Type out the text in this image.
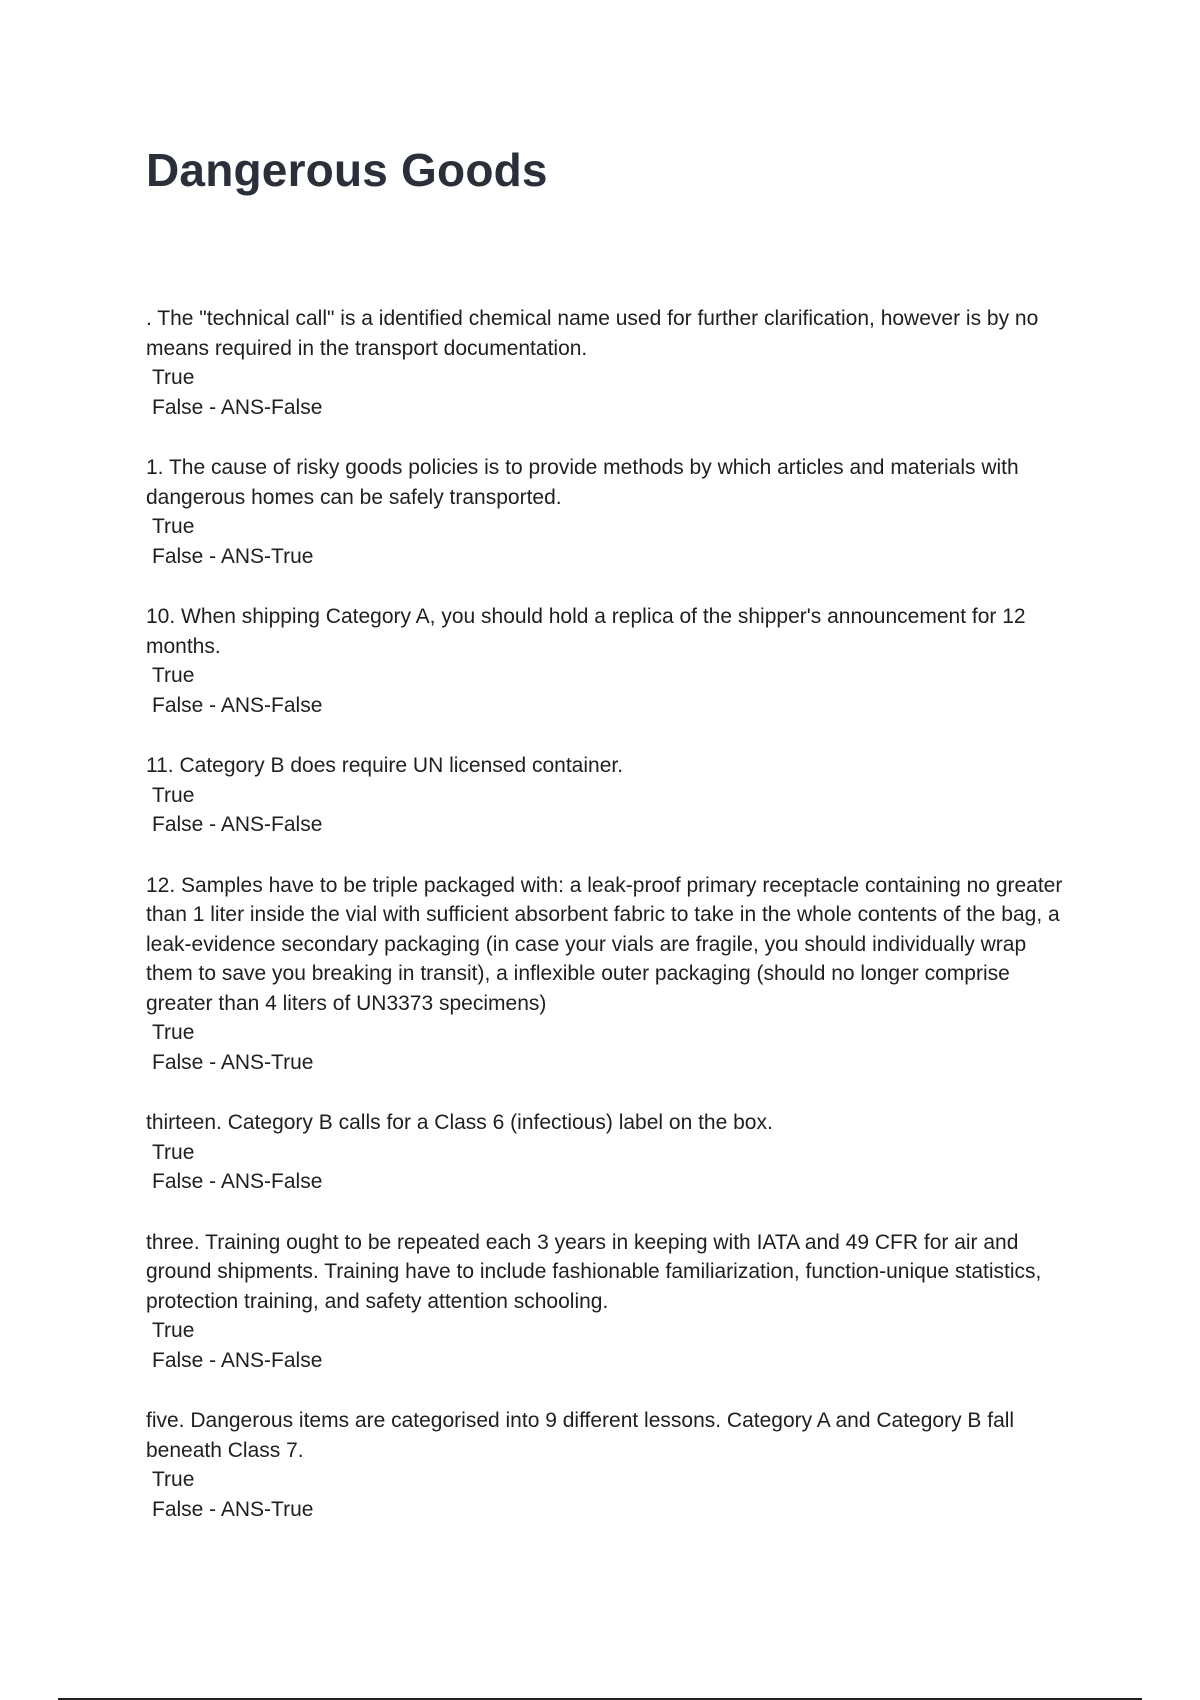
Dangerous Goods

. The "technical call" is a identified chemical name used for further clarification, however is by no means required in the transport documentation.

True

False - ANS-False

1. The cause of risky goods policies is to provide methods by which articles and materials with dangerous homes can be safely transported.

True

False - ANS-True

10. When shipping Category A, you should hold a replica of the shipper's announcement for 12 months.

True

False - ANS-False

11. Category B does require UN licensed container.

True

False - ANS-False

12. Samples have to be triple packaged with: a leak-proof primary receptacle containing no greater than 1 liter inside the vial with sufficient absorbent fabric to take in the whole contents of the bag, a leak-evidence secondary packaging (in case your vials are fragile, you should individually wrap them to save you breaking in transit), a inflexible outer packaging (should no longer comprise greater than 4 liters of UN3373 specimens)

True

False - ANS-True

thirteen. Category B calls for a Class 6 (infectious) label on the box.

True

False - ANS-False

three. Training ought to be repeated each 3 years in keeping with IATA and 49 CFR for air and ground shipments. Training have to include fashionable familiarization, function-unique statistics, protection training, and safety attention schooling.

True

False - ANS-False

five. Dangerous items are categorised into 9 different lessons. Category A and Category B fall beneath Class 7.

True

False - ANS-True
